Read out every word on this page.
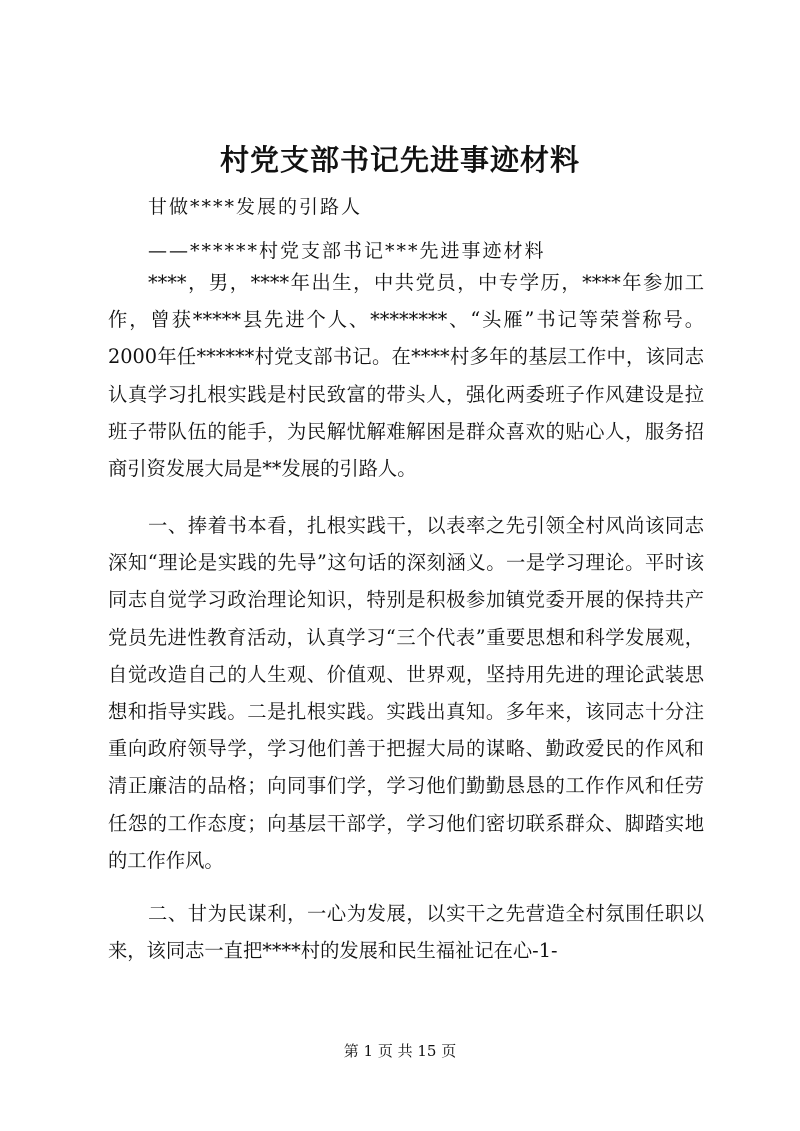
村党支部书记先进事迹材料
甘做****发展的引路人
——******村党支部书记***先进事迹材料

****，男，****年出生，中共党员，中专学历，****年参加工作，曾获*****县先进个人、********、“头雁”书记等荣誉称号。2000年任******村党支部书记。在****村多年的基层工作中，该同志认真学习扎根实践是村民致富的带头人，强化两委班子作风建设是拉班子带队伍的能手，为民解忧解难解困是群众喜欢的贴心人，服务招商引资发展大局是**发展的引路人。

一、捧着书本看，扎根实践干，以表率之先引领全村风尚该同志深知“理论是实践的先导”这句话的深刻涵义。一是学习理论。平时该同志自觉学习政治理论知识，特别是积极参加镇党委开展的保持共产党员先进性教育活动，认真学习“三个代表”重要思想和科学发展观，自觉改造自己的人生观、价值观、世界观，坚持用先进的理论武装思想和指导实践。二是扎根实践。实践出真知。多年来，该同志十分注重向政府领导学，学习他们善于把握大局的谋略、勤政爱民的作风和清正廉洁的品格；向同事们学，学习他们勤勤恳恳的工作作风和任劳任怨的工作态度；向基层干部学，学习他们密切联系群众、脚踏实地的工作作风。

二、甘为民谋利，一心为发展，以实干之先营造全村氛围任职以来，该同志一直把****村的发展和民生福祉记在心-1-

第 1 页 共 15 页
